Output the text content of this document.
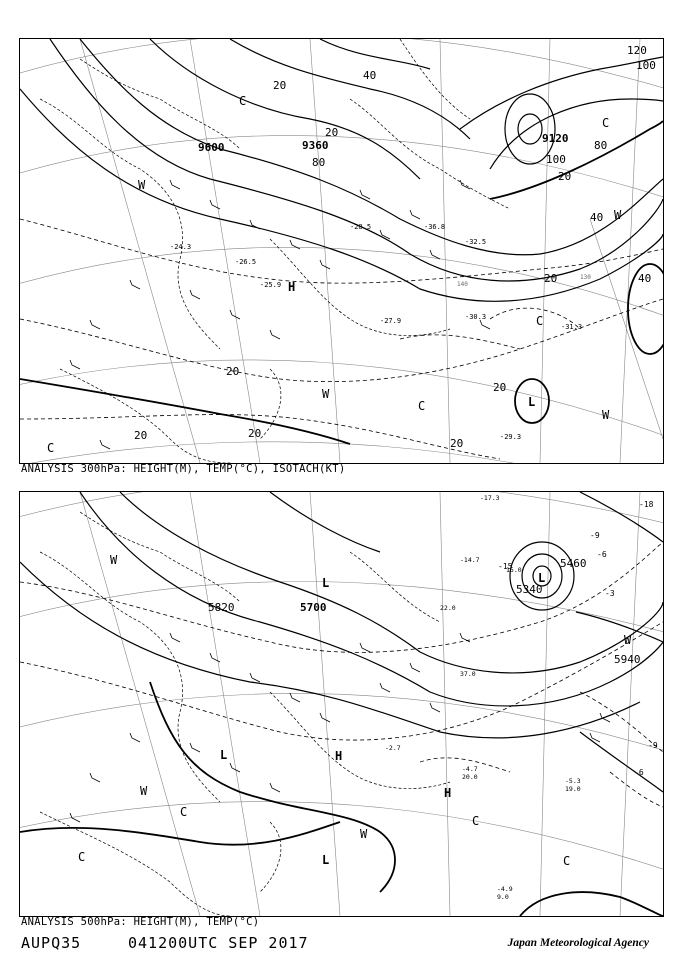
H
C
C
C
C
L
W
W
W
W
C
9600	9360
9120
20
20
40
80	100
120
100
80
40
20
20
20
40
20
20
20
20
-30.3
-31.3
-27.9
-29.3
-36.8
-32.5
-26.5
-25.9
-24.3
-28.5
140
130
ANALYSIS 300hPa: HEIGHT(M), TEMP(°C), ISOTACH(KT)
L	L
L
L
H
H
W
W
W
W
C
C
C
C
5820	5700
5340
5460
5940
-18
-15
-9
-6
-3
-9
-6
-5.3
-4.7
-4.9
-2.7
-14.7
-17.3
19.0
20.0
9.0
37.0
22.0
15.0
ANALYSIS 500hPa: HEIGHT(M), TEMP(°C)
AUPQ35	041200UTC SEP 2017	Japan Meteorological Agency
